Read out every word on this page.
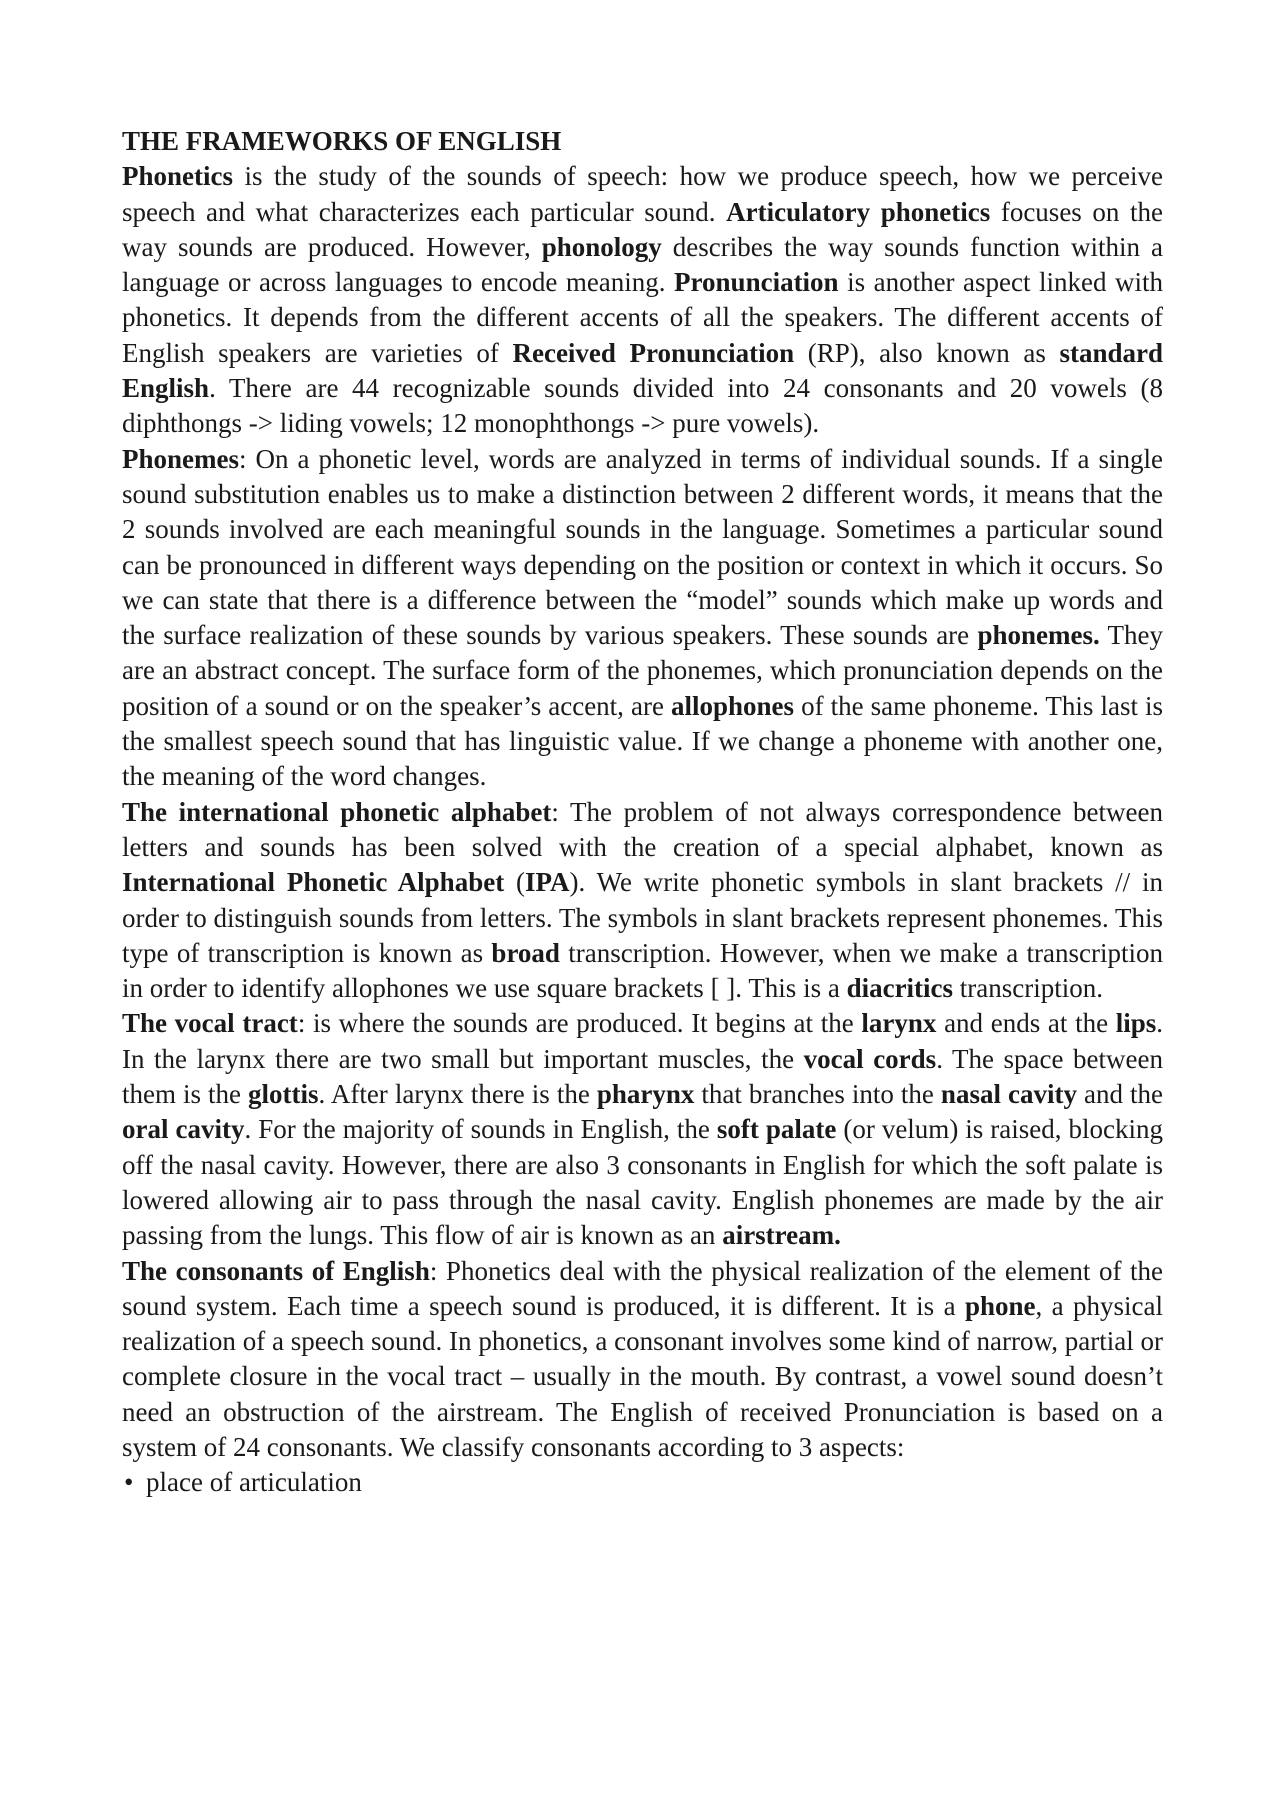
THE FRAMEWORKS OF ENGLISH

Phonetics is the study of the sounds of speech: how we produce speech, how we perceive speech and what characterizes each particular sound. Articulatory phonetics focuses on the way sounds are produced. However, phonology describes the way sounds function within a language or across languages to encode meaning. Pronunciation is another aspect linked with phonetics. It depends from the different accents of all the speakers. The different accents of English speakers are varieties of Received Pronunciation (RP), also known as standard English. There are 44 recognizable sounds divided into 24 consonants and 20 vowels (8 diphthongs -> liding vowels; 12 monophthongs -> pure vowels).

Phonemes: On a phonetic level, words are analyzed in terms of individual sounds. If a single sound substitution enables us to make a distinction between 2 different words, it means that the 2 sounds involved are each meaningful sounds in the language. Sometimes a particular sound can be pronounced in different ways depending on the position or context in which it occurs. So we can state that there is a difference between the “model” sounds which make up words and the surface realization of these sounds by various speakers. These sounds are phonemes. They are an abstract concept. The surface form of the phonemes, which pronunciation depends on the position of a sound or on the speaker’s accent, are allophones of the same phoneme. This last is the smallest speech sound that has linguistic value. If we change a phoneme with another one, the meaning of the word changes.

The international phonetic alphabet: The problem of not always correspondence between letters and sounds has been solved with the creation of a special alphabet, known as International Phonetic Alphabet (IPA). We write phonetic symbols in slant brackets // in order to distinguish sounds from letters. The symbols in slant brackets represent phonemes. This type of transcription is known as broad transcription. However, when we make a transcription in order to identify allophones we use square brackets [ ]. This is a diacritics transcription.

The vocal tract: is where the sounds are produced. It begins at the larynx and ends at the lips. In the larynx there are two small but important muscles, the vocal cords. The space between them is the glottis. After larynx there is the pharynx that branches into the nasal cavity and the oral cavity. For the majority of sounds in English, the soft palate (or velum) is raised, blocking off the nasal cavity. However, there are also 3 consonants in English for which the soft palate is lowered allowing air to pass through the nasal cavity. English phonemes are made by the air passing from the lungs. This flow of air is known as an airstream.

The consonants of English: Phonetics deal with the physical realization of the element of the sound system. Each time a speech sound is produced, it is different. It is a phone, a physical realization of a speech sound. In phonetics, a consonant involves some kind of narrow, partial or complete closure in the vocal tract – usually in the mouth. By contrast, a vowel sound doesn’t need an obstruction of the airstream. The English of received Pronunciation is based on a system of 24 consonants. We classify consonants according to 3 aspects:

• place of articulation
